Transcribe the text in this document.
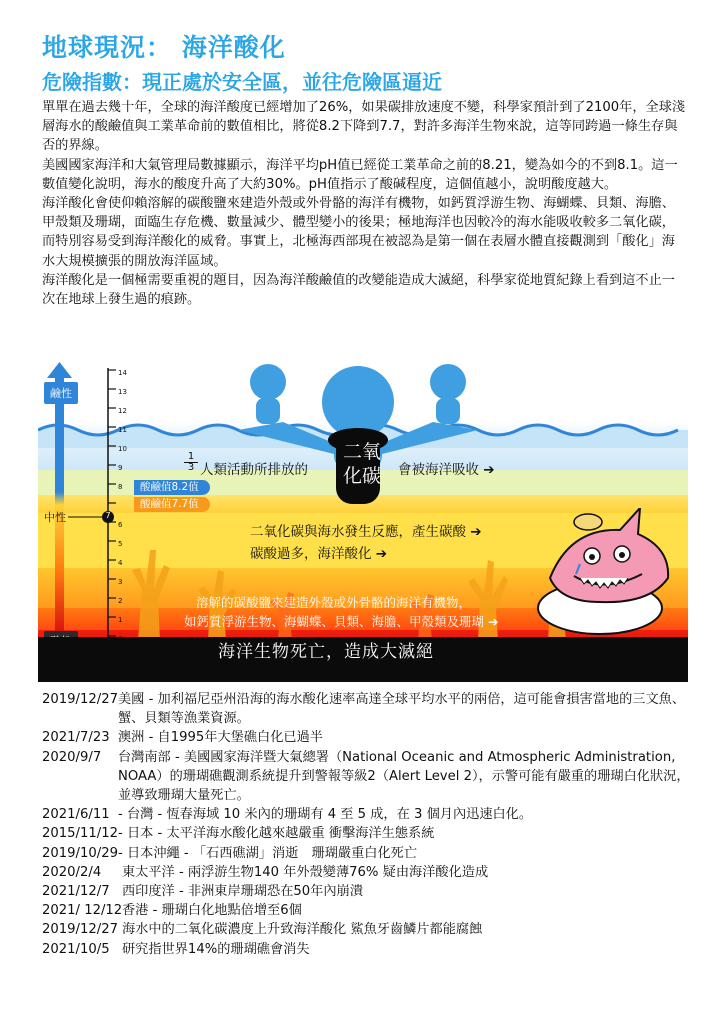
地球現況： 海洋酸化
危險指數：現正處於安全區，並往危險區逼近

單單在過去幾十年，全球的海洋酸度已經增加了26%，如果碳排放速度不變，科學家預計到了2100年，全球淺層海水的酸鹼值與工業革命前的數值相比，將從8.2下降到7.7，對許多海洋生物來說，這等同跨過一條生存與否的界線。

美國國家海洋和大氣管理局數據顯示，海洋平均pH值已經從工業革命之前的8.21，變為如今的不到8.1。這一數值變化說明，海水的酸度升高了大約30%。pH值指示了酸碱程度，這個值越小，說明酸度越大。

海洋酸化會使仰賴溶解的碳酸鹽來建造外殼或外骨骼的海洋有機物，如鈣質浮游生物、海蝴蝶、貝類、海膽、甲殼類及珊瑚，面臨生存危機、數量減少、體型變小的後果；極地海洋也因較冷的海水能吸收較多二氧化碳，而特別容易受到海洋酸化的威脅。事實上，北極海西部現在被認為是第一個在表層水體直接觀測到「酸化」海水大規模擴張的開放海洋區域。

海洋酸化是一個極需要重視的題目，因為海洋酸鹼值的改變能造成大滅絕，科學家從地質紀錄上看到這不止一次在地球上發生過的痕跡。

14
13
12
11
10
9
8
6
5
4
3
2
1
7
鹼性
中性
酸鹼值8.2值
酸鹼值7.7值
二氧化碳
$\frac{1}{3}$ 人類活動所排放的	會被海洋吸收 ➔
二氧化碳與海水發生反應，產生碳酸 ➔
碳酸過多，海洋酸化 ➔
溶解的碳酸鹽來建造外殼或外骨骼的海洋有機物，
如鈣質浮游生物、海蝴蝶、貝類、海膽、甲殼類及珊瑚 ➔
海洋生物死亡，造成大滅絕
2019/12/27 美國 - 加利福尼亞州沿海的海水酸化速率高達全球平均水平的兩倍，這可能會損害當地的三文魚、蟹、貝類等漁業資源。
2021/7/23 澳洲 - 自1995年大堡礁白化已過半
2020/9/7	台灣南部 - 美國國家海洋暨大氣總署（National Oceanic and Atmospheric Administration, NOAA）的珊瑚礁觀測系統提升到警報等級2（Alert Level 2），示警可能有嚴重的珊瑚白化狀況，並導致珊瑚大量死亡。
2021/6/11 - 台灣 - 恆春海域 10 米內的珊瑚有 4 至 5 成，在 3 個月內迅速白化。
2015/11/12 - 日本 - 太平洋海水酸化越來越嚴重 衝擊海洋生態系統
2019/10/29 - 日本沖繩 - 「石西礁湖」消逝　珊瑚嚴重白化死亡
2020/2/4	東太平洋 - 兩浮游生物140 年外殼變薄76% 疑由海洋酸化造成
2021/12/7 西印度洋 - 非洲東岸珊瑚恐在50年內崩潰
2021/ 12/12 香港 - 珊瑚白化地點倍增至6個
2019/12/27 海水中的二氧化碳濃度上升致海洋酸化 鯊魚牙齒鱗片都能腐蝕
2021/10/5 研究指世界14%的珊瑚礁會消失
